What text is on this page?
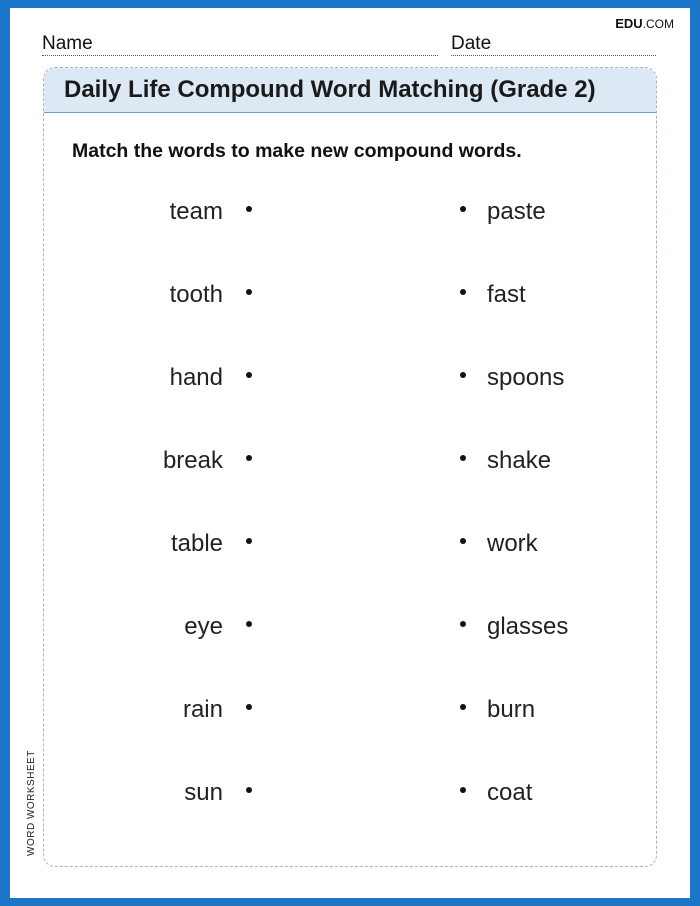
EDU.COM
Name	Date
Daily Life Compound Word Matching (Grade 2)
Match the words to make new compound words.
team	paste
tooth	fast
hand	spoons
break	shake
table	work
eye	glasses
rain	burn
sun	coat
WORD WORKSHEET
